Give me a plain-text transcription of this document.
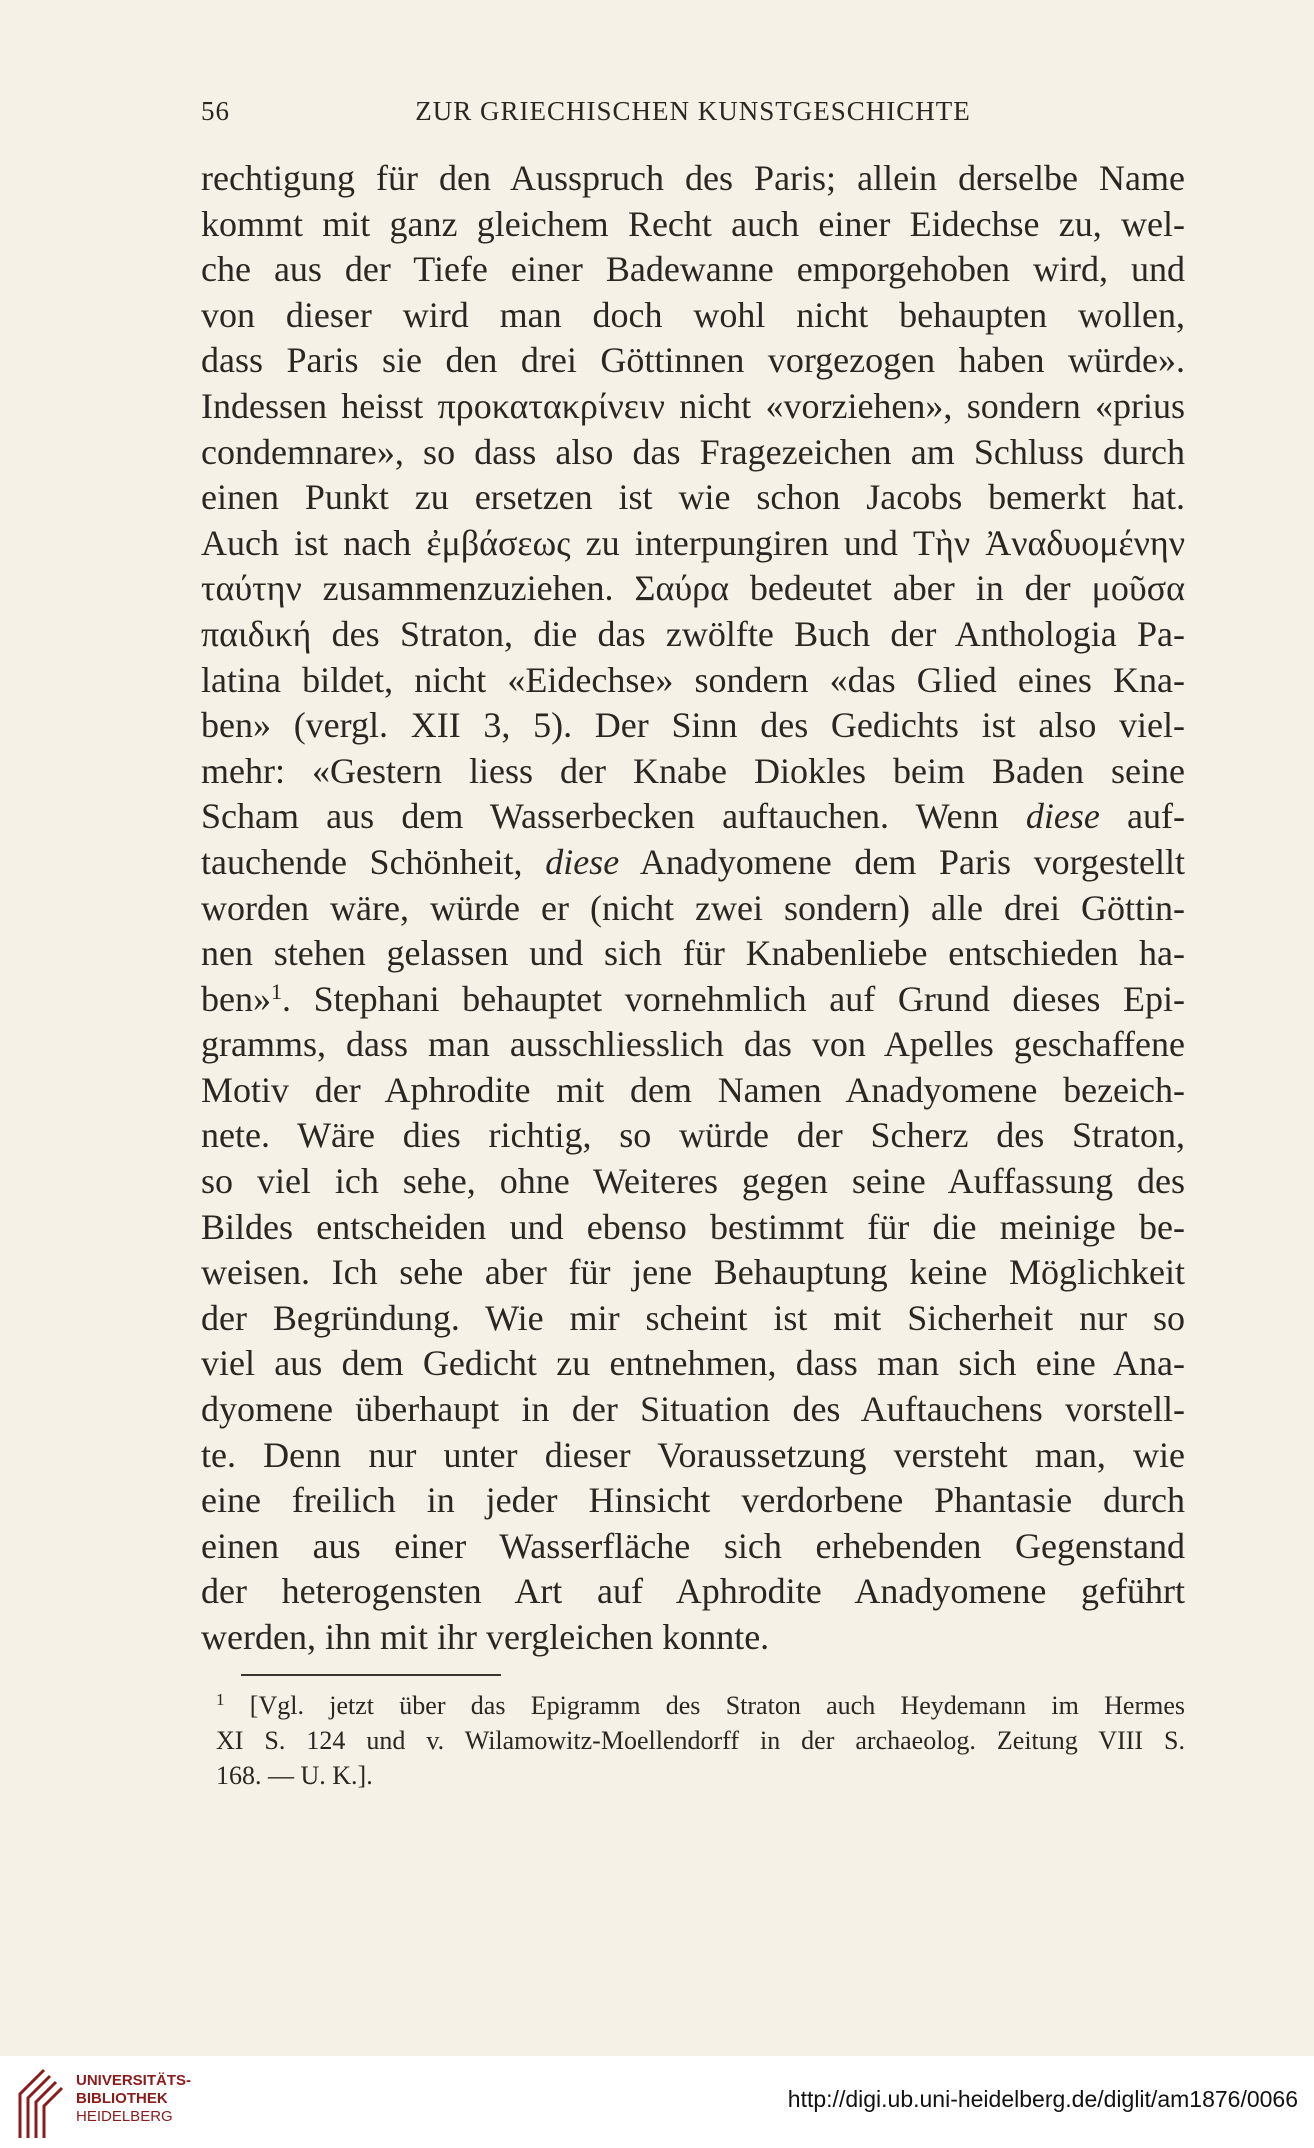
56	ZUR GRIECHISCHEN KUNSTGESCHICHTE
rechtigung für den Ausspruch des Paris; allein derselbe Name
kommt mit ganz gleichem Recht auch einer Eidechse zu, wel-
che aus der Tiefe einer Badewanne emporgehoben wird, und
von dieser wird man doch wohl nicht behaupten wollen,
dass Paris sie den drei Göttinnen vorgezogen haben würde».
Indessen heisst προκατακρίνειν nicht «vorziehen», sondern «prius
condemnare», so dass also das Fragezeichen am Schluss durch
einen Punkt zu ersetzen ist wie schon Jacobs bemerkt hat.
Auch ist nach ἐμβάσεως zu interpungiren und Τὴν Ἀναδυομένην
ταύτην zusammenzuziehen. Σαύρα bedeutet aber in der μοῦσα
παιδική des Straton, die das zwölfte Buch der Anthologia Pa-
latina bildet, nicht «Eidechse» sondern «das Glied eines Kna-
ben» (vergl. XII 3, 5). Der Sinn des Gedichts ist also viel-
mehr: «Gestern liess der Knabe Diokles beim Baden seine
Scham aus dem Wasserbecken auftauchen. Wenn diese auf-
tauchende Schönheit, diese Anadyomene dem Paris vorgestellt
worden wäre, würde er (nicht zwei sondern) alle drei Göttin-
nen stehen gelassen und sich für Knabenliebe entschieden ha-
ben»$^1$. Stephani behauptet vornehmlich auf Grund dieses Epi-
gramms, dass man ausschliesslich das von Apelles geschaffene
Motiv der Aphrodite mit dem Namen Anadyomene bezeich-
nete. Wäre dies richtig, so würde der Scherz des Straton,
so viel ich sehe, ohne Weiteres gegen seine Auffassung des
Bildes entscheiden und ebenso bestimmt für die meinige be-
weisen. Ich sehe aber für jene Behauptung keine Möglichkeit
der Begründung. Wie mir scheint ist mit Sicherheit nur so
viel aus dem Gedicht zu entnehmen, dass man sich eine Ana-
dyomene überhaupt in der Situation des Auftauchens vorstell-
te. Denn nur unter dieser Voraussetzung versteht man, wie
eine freilich in jeder Hinsicht verdorbene Phantasie durch
einen aus einer Wasserfläche sich erhebenden Gegenstand
der heterogensten Art auf Aphrodite Anadyomene geführt
werden, ihn mit ihr vergleichen konnte.
$^1$ [Vgl. jetzt über das Epigramm des Straton auch Heydemann im Hermes
XI S. 124 und v. Wilamowitz-Moellendorff in der archaeolog. Zeitung VIII S.
168. — U. K.].
UNIVERSITÄTS-
BIBLIOTHEK
HEIDELBERG
http://digi.ub.uni-heidelberg.de/diglit/am1876/0066
